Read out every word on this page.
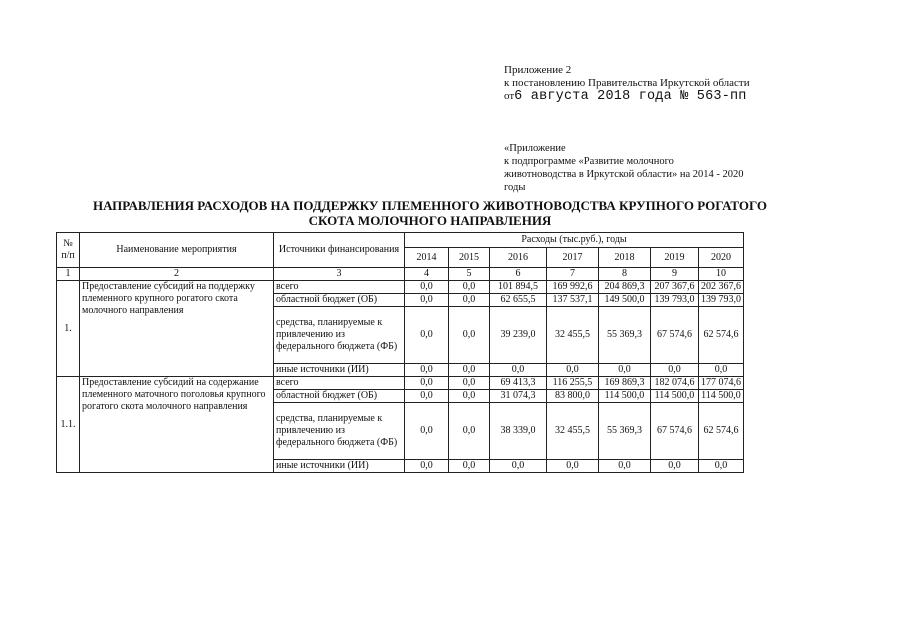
Приложение 2
к постановлению Правительства Иркутской области
от6 августа 2018 года № 563-пп
«Приложение
к подпрограмме «Развитие молочного
животноводства в Иркутской области» на 2014 - 2020
годы
НАПРАВЛЕНИЯ РАСХОДОВ НА ПОДДЕРЖКУ ПЛЕМЕННОГО ЖИВОТНОВОДСТВА КРУПНОГО РОГАТОГО СКОТА МОЛОЧНОГО НАПРАВЛЕНИЯ
№ п/п	Наименование мероприятия	Источники финансирования	Расходы (тыс.руб.), годы						
			2014	2015	2016	2017	2018	2019	2020
1	2	3	4	5	6	7	8	9	10
1.	Предоставление субсидий на поддержку племенного крупного рогатого скота молочного направления	всего	0,0	0,0	101 894,5	169 992,6	204 869,3	207 367,6	202 367,6
		областной бюджет (ОБ)	0,0	0,0	62 655,5	137 537,1	149 500,0	139 793,0	139 793,0
		средства, планируемые к привлечению из федерального бюджета (ФБ)	0,0	0,0	39 239,0	32 455,5	55 369,3	67 574,6	62 574,6
		иные источники (ИИ)	0,0	0,0	0,0	0,0	0,0	0,0	0,0
1.1.	Предоставление субсидий на содержание племенного маточного поголовья крупного рогатого скота молочного направления	всего	0,0	0,0	69 413,3	116 255,5	169 869,3	182 074,6	177 074,6
		областной бюджет (ОБ)	0,0	0,0	31 074,3	83 800,0	114 500,0	114 500,0	114 500,0
		средства, планируемые к привлечению из федерального бюджета (ФБ)	0,0	0,0	38 339,0	32 455,5	55 369,3	67 574,6	62 574,6
		иные источники (ИИ)	0,0	0,0	0,0	0,0	0,0	0,0	0,0
